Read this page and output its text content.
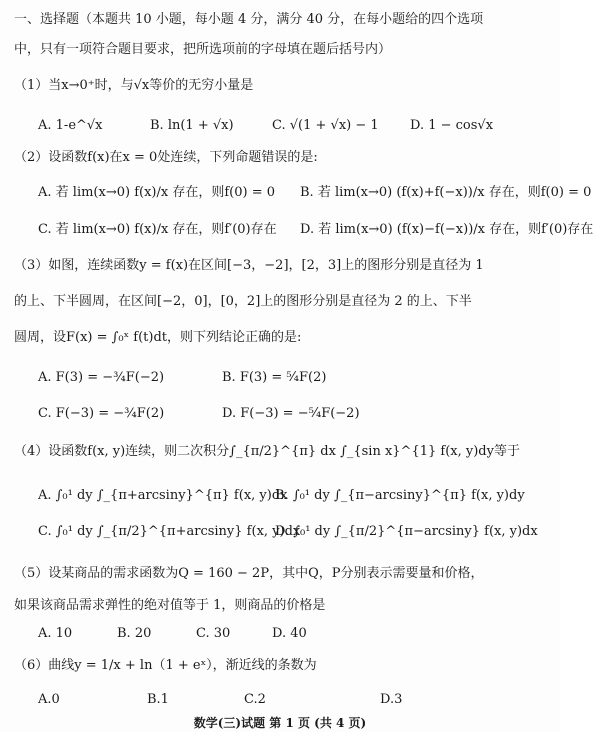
一、选择题（本题共 10 小题，每小题 4 分，满分 40 分，在每小题给的四个选项
中，只有一项符合题目要求，把所选项前的字母填在题后括号内）
（1）当x→0⁺时，与√x等价的无穷小量是
A. 1-e^√x	B. ln(1 + √x)	C. √(1 + √x) − 1 D. 1 − cos√x
（2）设函数f(x)在x = 0处连续，下列命题错误的是:
A. 若 lim(x→0) f(x)/x 存在，则f(0) = 0 B. 若 lim(x→0) (f(x)+f(−x))/x 存在，则f(0) = 0
C. 若 lim(x→0) f(x)/x 存在，则f′(0)存在 D. 若 lim(x→0) (f(x)−f(−x))/x 存在，则f′(0)存在
（3）如图，连续函数y = f(x)在区间[−3，−2]，[2，3]上的图形分别是直径为 1
的上、下半圆周，在区间[−2，0]，[0，2]上的图形分别是直径为 2 的上、下半
圆周，设F(x) = ∫₀ˣ f(t)dt，则下列结论正确的是:
A. F(3) = −¾F(−2)	B. F(3) = ⁵⁄₄F(2)
C. F(−3) = −¾F(2)	D. F(−3) = −⁵⁄₄F(−2)
（4）设函数f(x, y)连续，则二次积分∫_{π/2}^{π} dx ∫_{sin x}^{1} f(x, y)dy等于
A. ∫₀¹ dy ∫_{π+arcsiny}^{π} f(x, y)dx
B. ∫₀¹ dy ∫_{π−arcsiny}^{π} f(x, y)dy
C. ∫₀¹ dy ∫_{π/2}^{π+arcsiny} f(x, y)dx
D. ∫₀¹ dy ∫_{π/2}^{π−arcsiny} f(x, y)dx
（5）设某商品的需求函数为Q = 160 − 2P，其中Q，P分别表示需要量和价格，
如果该商品需求弹性的绝对值等于 1，则商品的价格是
A. 10	B. 20	C. 30	D. 40
（6）曲线y = 1/x + ln（1 + eˣ），渐近线的条数为
A.0	B.1	C.2	D.3
数学(三)试题 第 1 页 (共 4 页)
